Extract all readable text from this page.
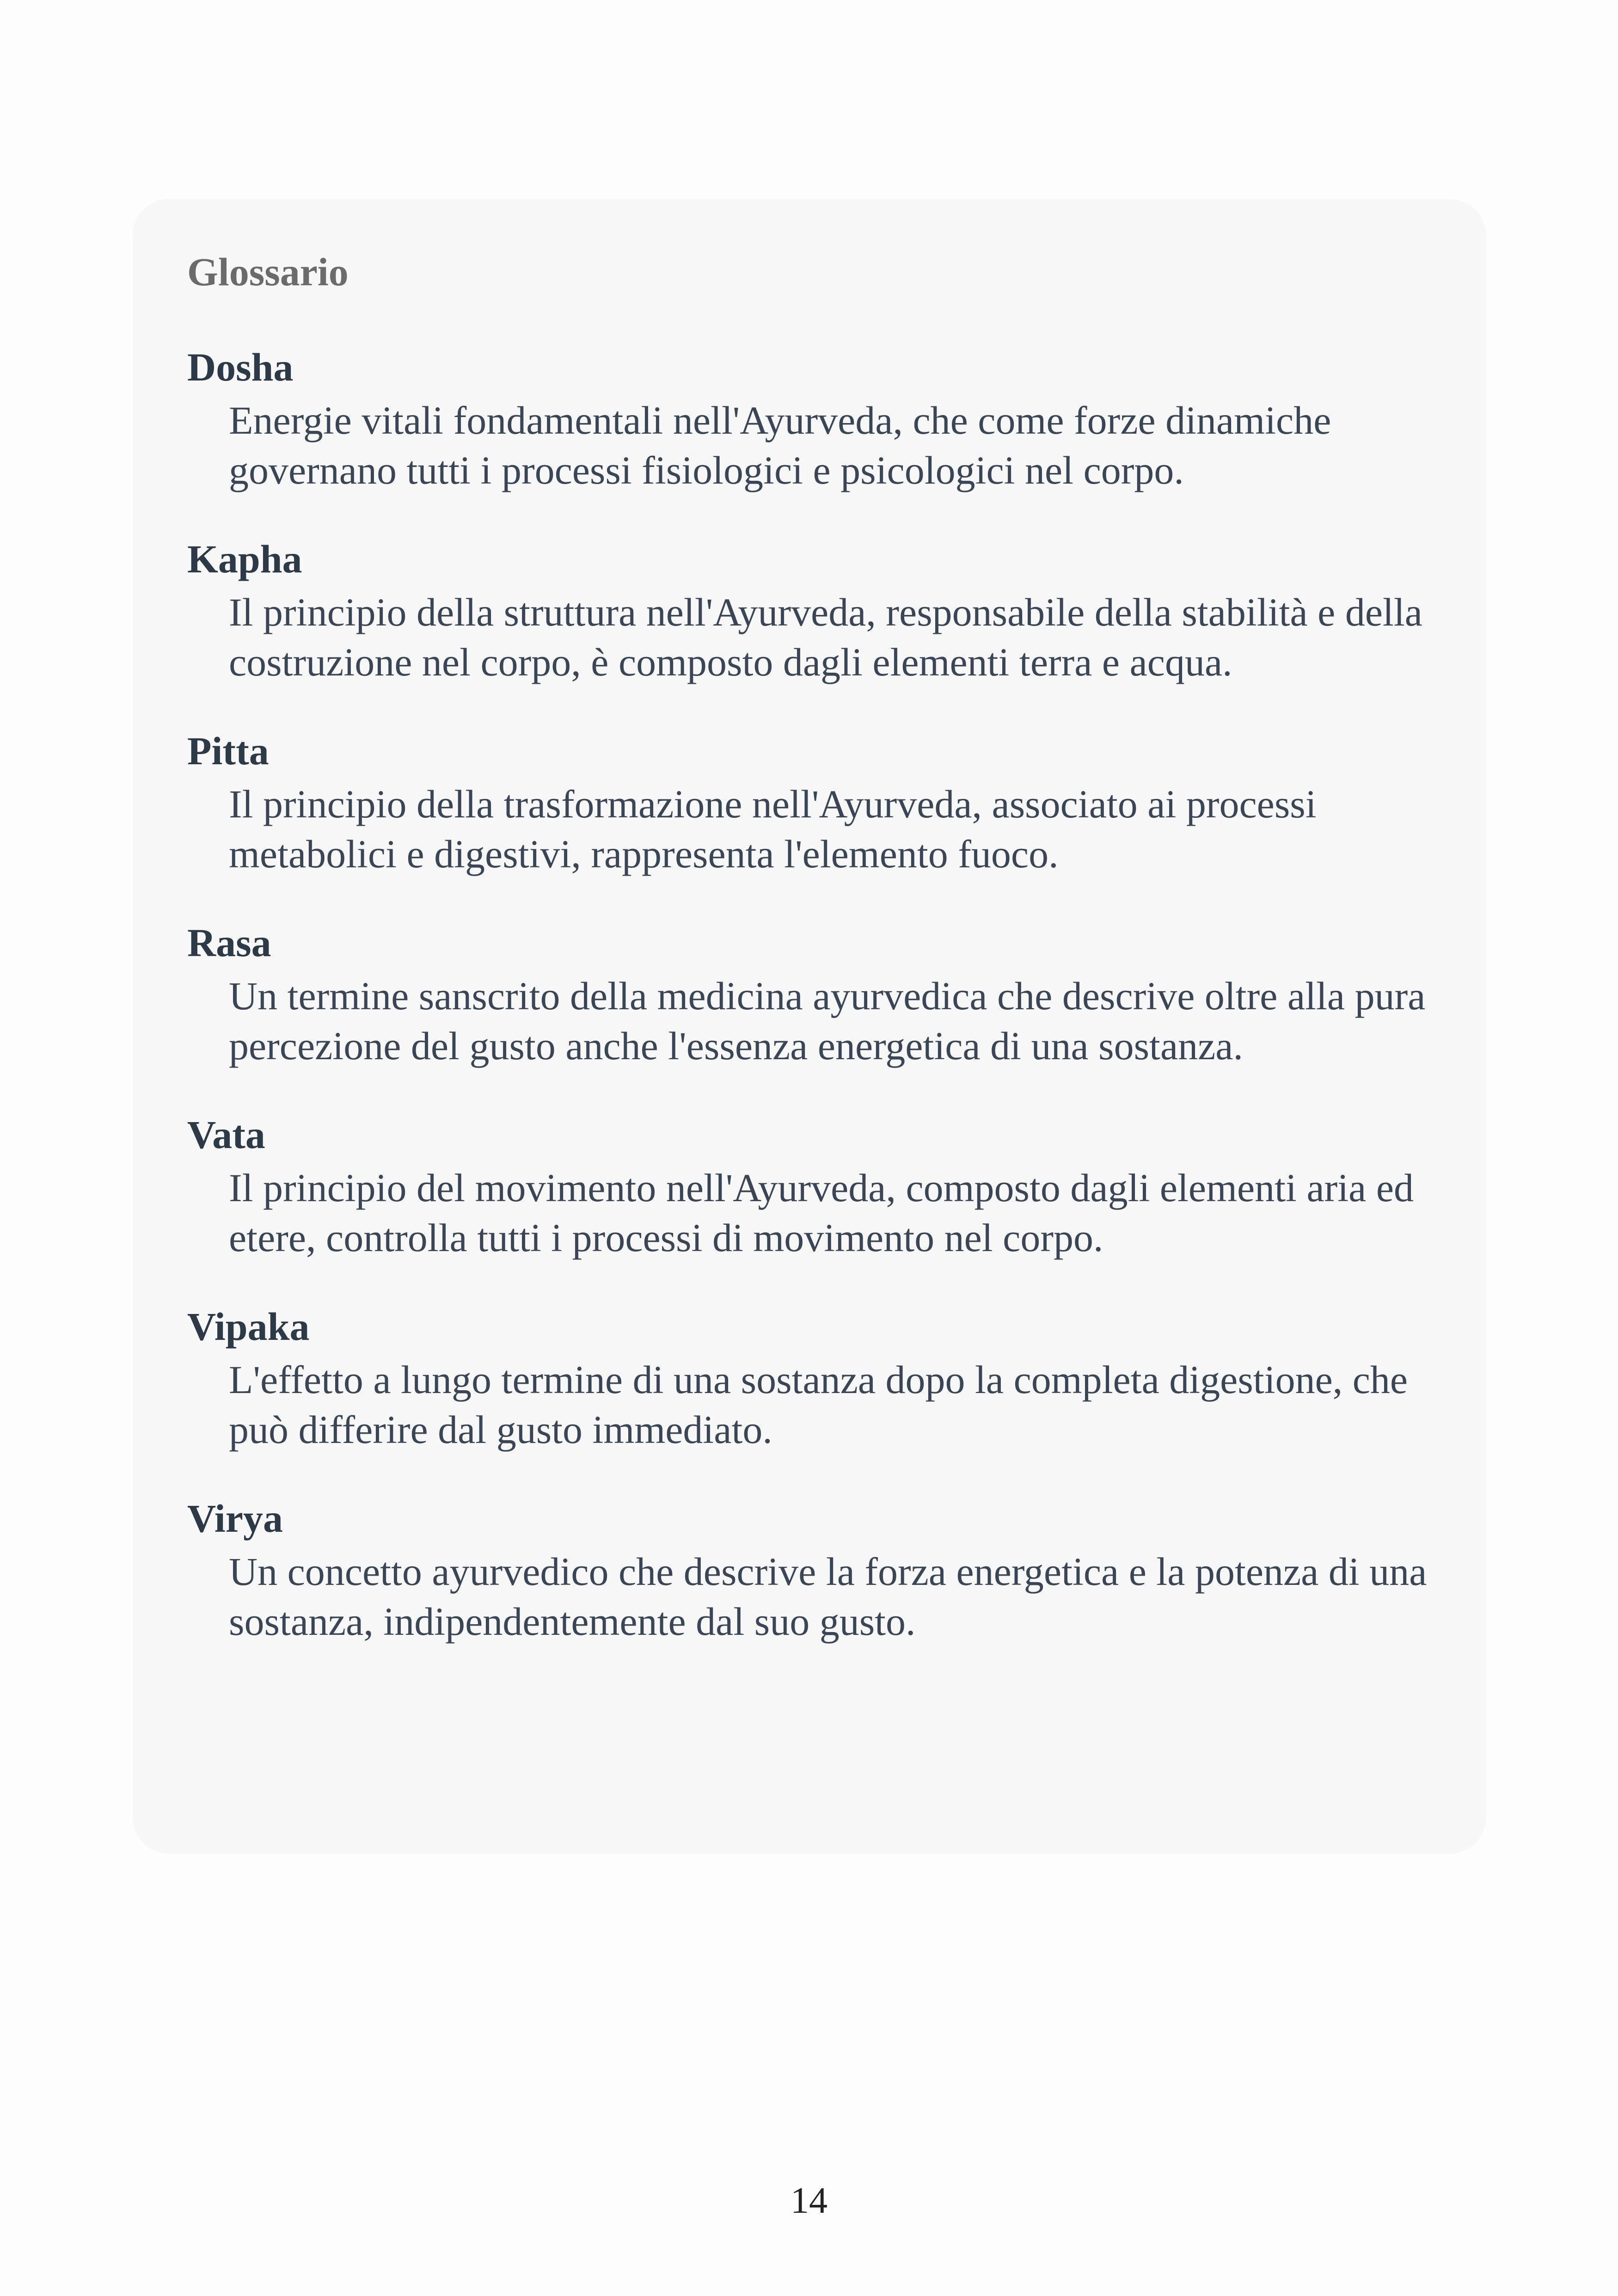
Glossario
Dosha
Energie vitali fondamentali nell'Ayurveda, che come forze dinamiche governano tutti i processi fisiologici e psicologici nel corpo.
Kapha
Il principio della struttura nell'Ayurveda, responsabile della stabilità e della costruzione nel corpo, è composto dagli elementi terra e acqua.
Pitta
Il principio della trasformazione nell'Ayurveda, associato ai processi metabolici e digestivi, rappresenta l'elemento fuoco.
Rasa
Un termine sanscrito della medicina ayurvedica che descrive oltre alla pura percezione del gusto anche l'essenza energetica di una sostanza.
Vata
Il principio del movimento nell'Ayurveda, composto dagli elementi aria ed etere, controlla tutti i processi di movimento nel corpo.
Vipaka
L'effetto a lungo termine di una sostanza dopo la completa digestione, che può differire dal gusto immediato.
Virya
Un concetto ayurvedico che descrive la forza energetica e la potenza di una sostanza, indipendentemente dal suo gusto.
14
